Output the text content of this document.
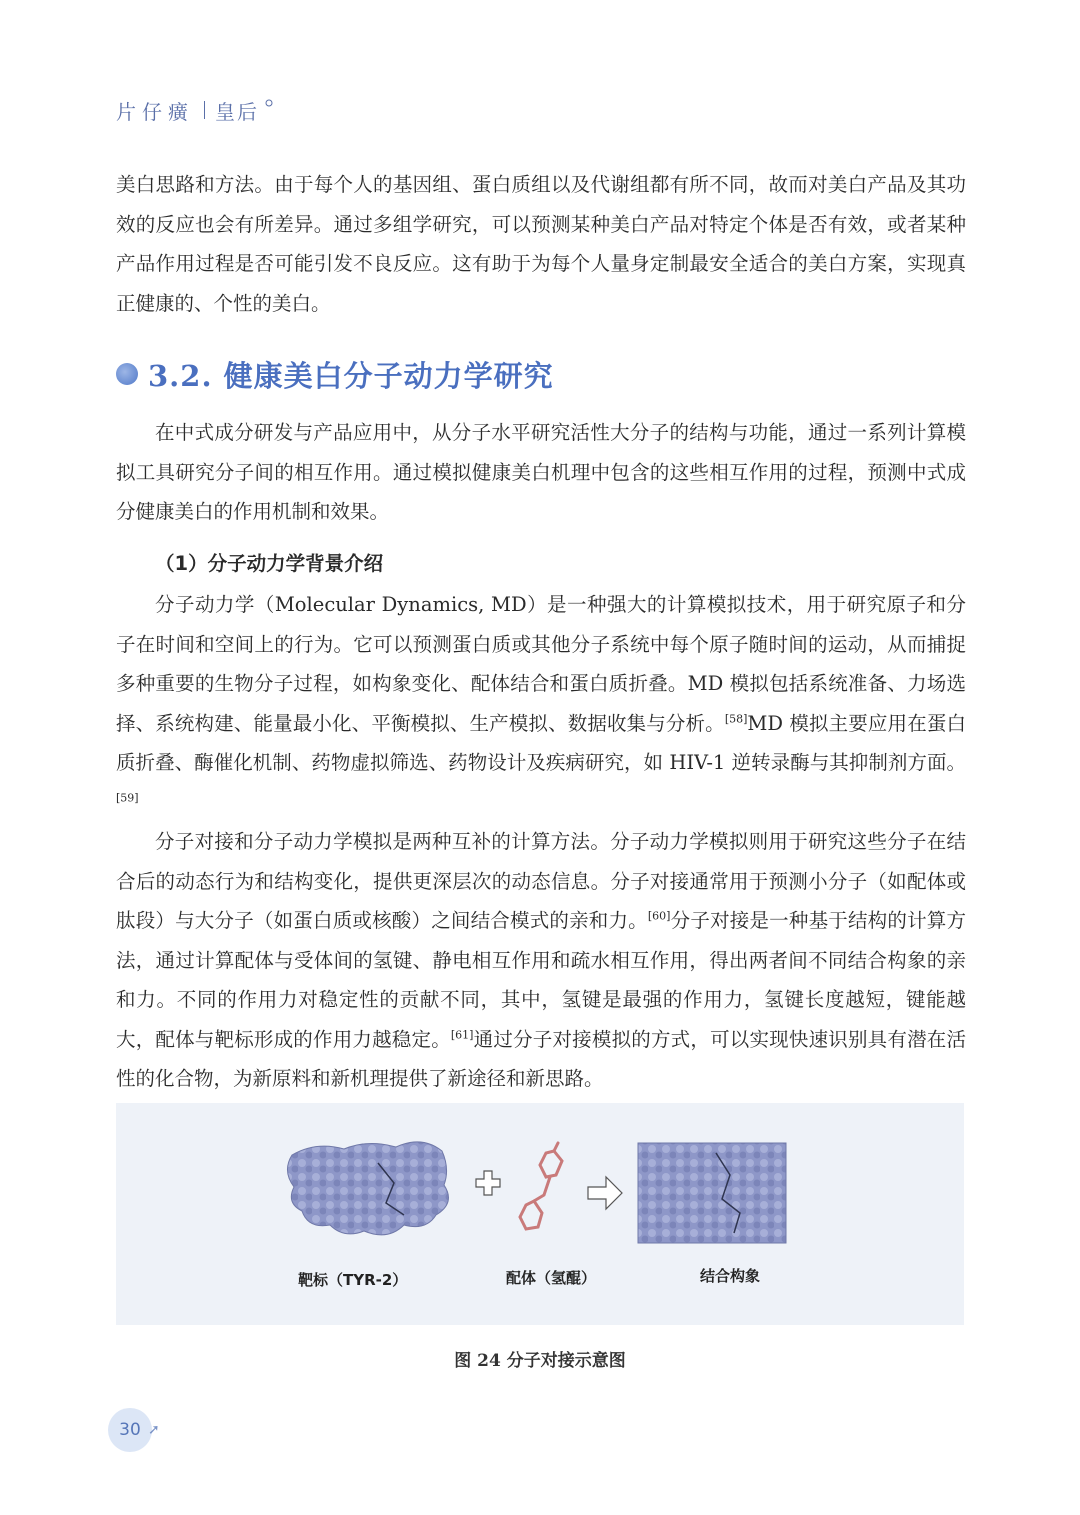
片仔癀 皇后

美白思路和方法。由于每个人的基因组、蛋白质组以及代谢组都有所不同，故而对美白产品及其功效的反应也会有所差异。通过多组学研究，可以预测某种美白产品对特定个体是否有效，或者某种产品作用过程是否可能引发不良反应。这有助于为每个人量身定制最安全适合的美白方案，实现真正健康的、个性的美白。

3.2. 健康美白分子动力学研究

在中式成分研发与产品应用中，从分子水平研究活性大分子的结构与功能，通过一系列计算模拟工具研究分子间的相互作用。通过模拟健康美白机理中包含的这些相互作用的过程，预测中式成分健康美白的作用机制和效果。

（1）分子动力学背景介绍

分子动力学（Molecular Dynamics, MD）是一种强大的计算模拟技术，用于研究原子和分子在时间和空间上的行为。它可以预测蛋白质或其他分子系统中每个原子随时间的运动，从而捕捉多种重要的生物分子过程，如构象变化、配体结合和蛋白质折叠。MD 模拟包括系统准备、力场选择、系统构建、能量最小化、平衡模拟、生产模拟、数据收集与分析。[58]MD 模拟主要应用在蛋白质折叠、酶催化机制、药物虚拟筛选、药物设计及疾病研究，如 HIV-1 逆转录酶与其抑制剂方面。[59]

分子对接和分子动力学模拟是两种互补的计算方法。分子动力学模拟则用于研究这些分子在结合后的动态行为和结构变化，提供更深层次的动态信息。分子对接通常用于预测小分子（如配体或肽段）与大分子（如蛋白质或核酸）之间结合模式的亲和力。[60]分子对接是一种基于结构的计算方法，通过计算配体与受体间的氢键、静电相互作用和疏水相互作用，得出两者间不同结合构象的亲和力。不同的作用力对稳定性的贡献不同，其中，氢键是最强的作用力，氢键长度越短，键能越大，配体与靶标形成的作用力越稳定。[61]通过分子对接模拟的方式，可以实现快速识别具有潜在活性的化合物，为新原料和新机理提供了新途径和新思路。

靶标（TYR-2）	配体（氢醌）	结合构象
图 24 分子对接示意图
30 ➚
